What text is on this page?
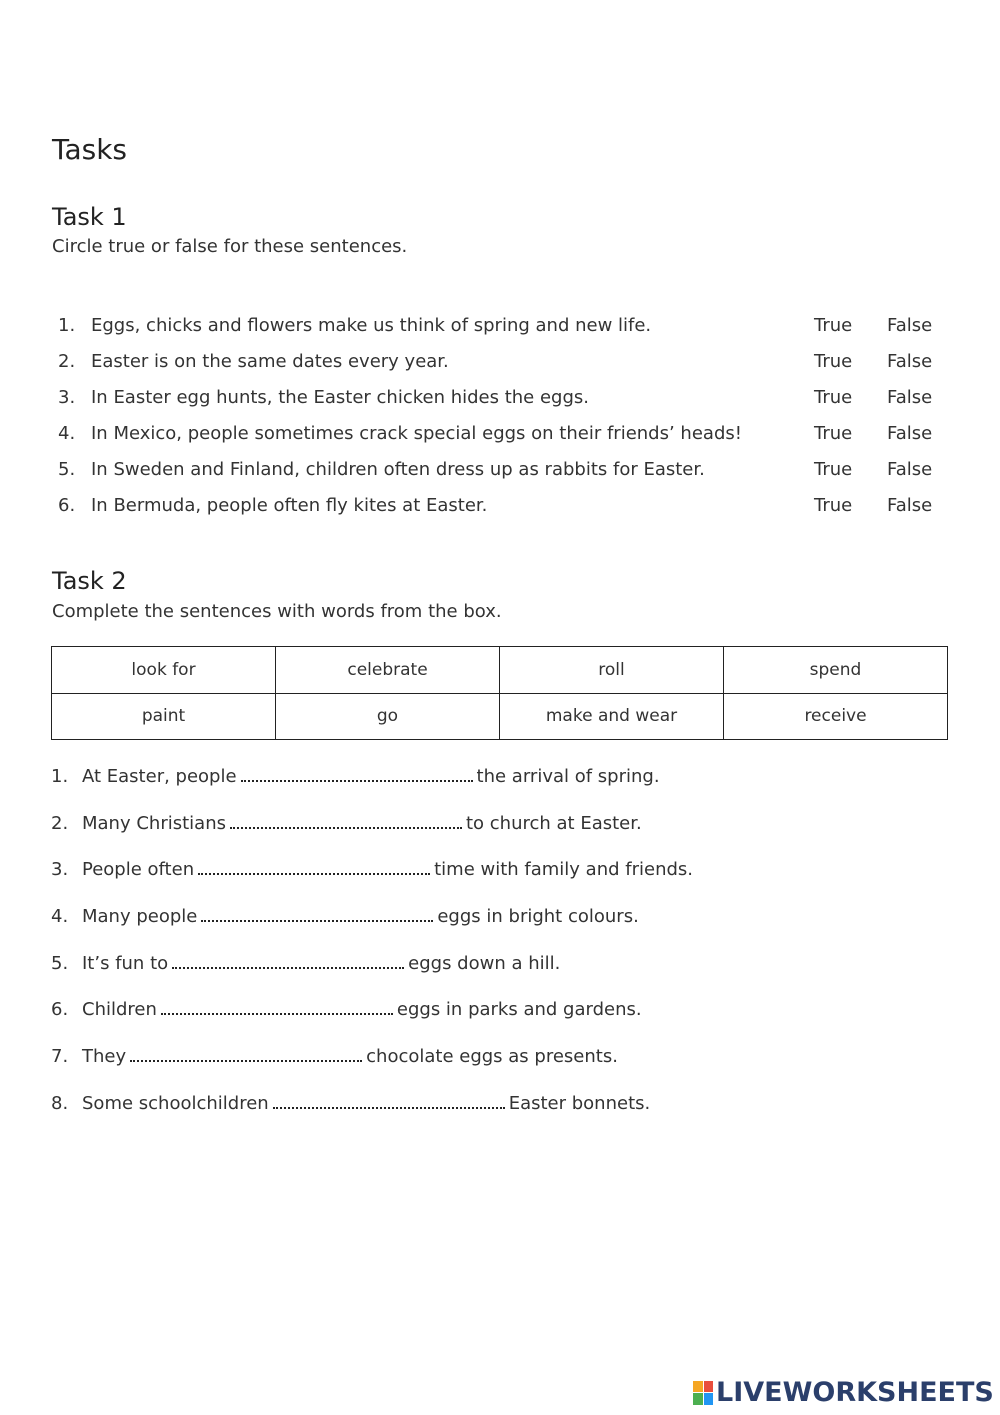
Tasks
Task 1
Circle true or false for these sentences.
1. Eggs, chicks and flowers make us think of spring and new life.	True False
2. Easter is on the same dates every year.	True False
3. In Easter egg hunts, the Easter chicken hides the eggs.	True False
4. In Mexico, people sometimes crack special eggs on their friends’ heads!	True False
5. In Sweden and Finland, children often dress up as rabbits for Easter.	True False
6. In Bermuda, people often fly kites at Easter.	True False
Task 2
Complete the sentences with words from the box.
look for	celebrate	roll	spend
paint	go	make and wear	receive
1. At Easter, people	the arrival of spring.
2. Many Christians	to church at Easter.
3. People often	time with family and friends.
4. Many people	eggs in bright colours.
5. It’s fun to	eggs down a hill.
6. Children	eggs in parks and gardens.
7. They	chocolate eggs as presents.
8. Some schoolchildren	Easter bonnets.
LIVEWORKSHEETS
